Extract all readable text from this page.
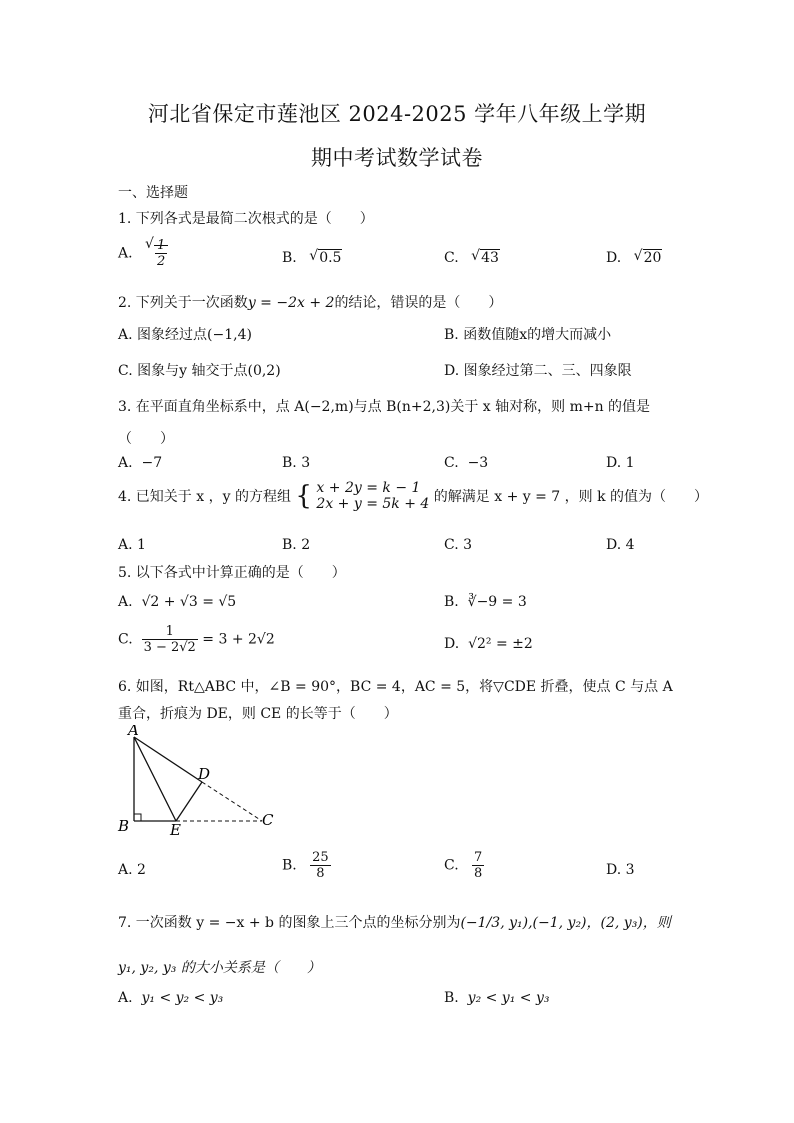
河北省保定市莲池区 2024-2025 学年八年级上学期
期中考试数学试卷
一、选择题
1. 下列各式是最简二次根式的是（　　）
A. √ $\frac{1}{2}$	B. √ 0.5	C. √ 43	D. √ 20
2. 下列关于一次函数y = −2x + 2的结论，错误的是（　　）
A. 图象经过点(−1,4)	B. 函数值随x的增大而减小
C. 图象与y 轴交于点(0,2)	D. 图象经过第二、三、四象限
3. 在平面直角坐标系中，点 A(−2,m)与点 B(n+2,3)关于 x 轴对称，则 m+n 的值是
（　　）
A. −7	B. 3	C. −3	D. 1
4. 已知关于 x ，y 的方程组 { x + 2y = k − 1
2x + y = 5k + 4 的解满足 x + y = 7 ，则 k 的值为（　　）
A. 1	B. 2	C. 3	D. 4
5. 以下各式中计算正确的是（　　）
A. √2 + √3 = √5	B. ∛−9 = 3
C. $\frac{1}{3 - 2√2} = 3 + 2√2$	D. √2² = ±2
6. 如图，Rt△ABC 中，∠B = 90°，BC = 4，AC = 5，将▽CDE 折叠，使点 C 与点 A
重合，折痕为 DE，则 CE 的长等于（　　）
A
B	C
D
E
A. 2	B. $\frac{25}{8}$	C. $\frac{7}{8}$	D. 3
7. 一次函数 y = −x + b 的图象上三个点的坐标分别为(−1/3, y₁),(−1, y₂)，(2, y₃)，则
y₁, y₂, y₃ 的大小关系是（　　）
A. y₁ < y₂ < y₃	B. y₂ < y₁ < y₃
